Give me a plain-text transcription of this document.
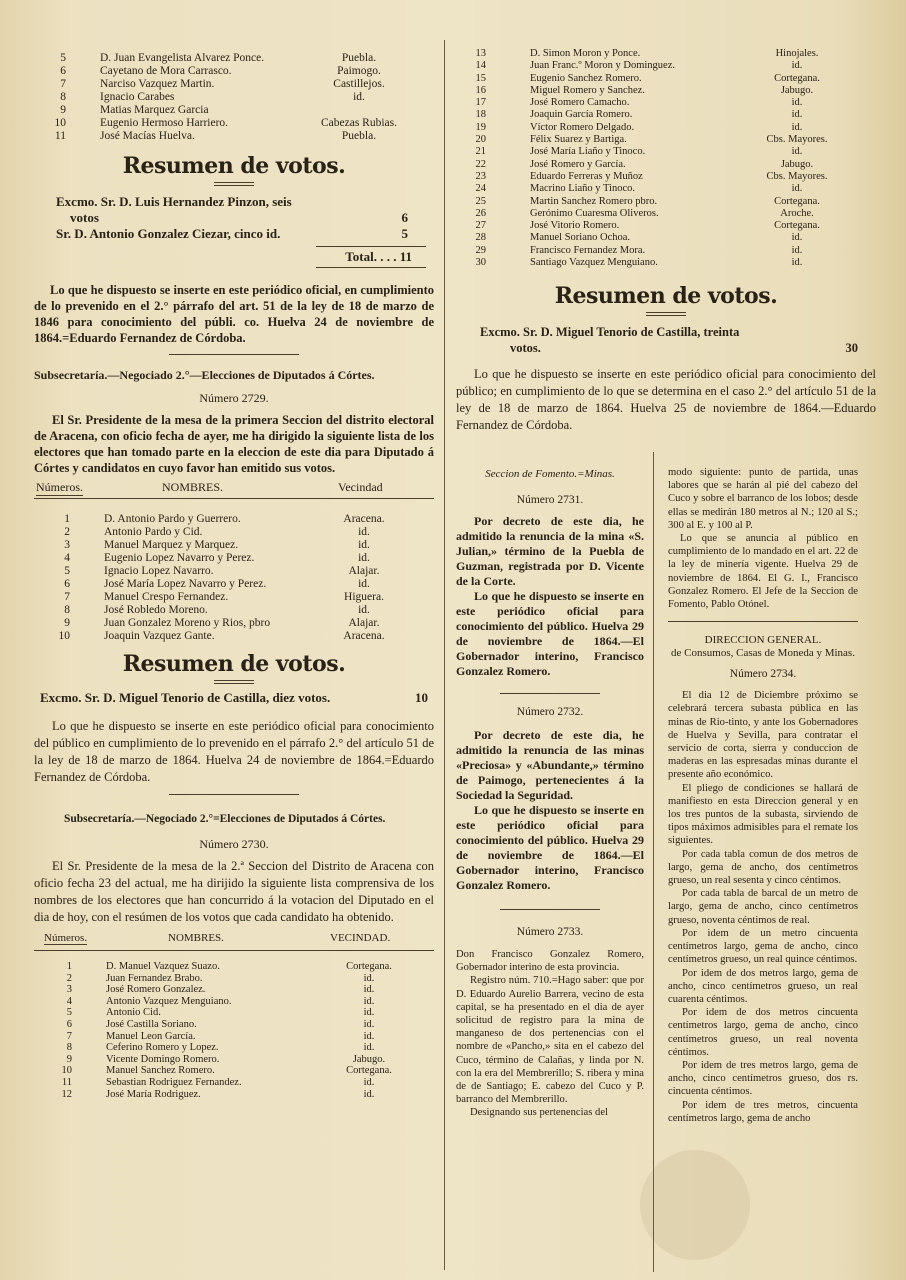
5	D. Juan Evangelista Alvarez Ponce.	Puebla.
6	Cayetano de Mora Carrasco.	Paimogo.
7	Narciso Vazquez Martin.	Castillejos.
8	Ignacio Carabes	id.
9	Matias Marquez Garcia
10	Eugenio Hermoso Harriero.	Cabezas Rubias.
11	José Macías Huelva.	Puebla.
Resumen de votos.
Excmo. Sr. D. Luis Hernandez Pinzon, seis
votos	6
Sr. D. Antonio Gonzalez Ciezar, cinco id.	5
Total. . . . 11
Lo que he dispuesto se inserte en este periódico oficial, en cumplimiento de lo prevenido en el 2.° párrafo del art. 51 de la ley de 18 de marzo de 1846 para conocimiento del públi. co. Huelva 24 de noviembre de 1864.=Eduardo Fernandez de Córdoba.
Subsecretaría.—Negociado 2.°—Elecciones de Diputados á Córtes.
Número 2729.
El Sr. Presidente de la mesa de la primera Seccion del distrito electoral de Aracena, con oficio fecha de ayer, me ha dirigido la siguiente lista de los electores que han tomado parte en la eleccion de este dia para Diputado á Córtes y candidatos en cuyo favor han emitido sus votos.
Números.	NOMBRES.	Vecindad
1	D. Antonio Pardo y Guerrero.	Aracena.
2	Antonio Pardo y Cid.	id.
3	Manuel Marquez y Marquez.	id.
4	Eugenio Lopez Navarro y Perez.	id.
5	Ignacio Lopez Navarro.	Alajar.
6	José María Lopez Navarro y Perez.	id.
7	Manuel Crespo Fernandez.	Higuera.
8	José Robledo Moreno.	id.
9	Juan Gonzalez Moreno y Rios, pbro	Alajar.
10	Joaquin Vazquez Gante.	Aracena.
Resumen de votos.
Excmo. Sr. D. Miguel Tenorio de Castilla, diez votos.	10
Lo que he dispuesto se inserte en este periódico oficial para conocimiento del público en cumplimiento de lo prevenido en el párrafo 2.° del artículo 51 de la ley de 18 de marzo de 1864. Huelva 24 de noviembre de 1864.=Eduardo Fernandez de Córdoba.
Subsecretaría.—Negociado 2.°=Elecciones de Diputados á Córtes.
Número 2730.
El Sr. Presidente de la mesa de la 2.ª Seccion del Distrito de Aracena con oficio fecha 23 del actual, me ha dirijido la siguiente lista comprensiva de los nombres de los electores que han concurrido á la votacion del Diputado en el dia de hoy, con el resúmen de los votos que cada candidato ha obtenido.
Números.	NOMBRES.	VECINDAD.
1	D. Manuel Vazquez Suazo.	Cortegana.
2	Juan Fernandez Brabo.	id.
3	José Romero Gonzalez.	id.
4	Antonio Vazquez Menguiano.	id.
5	Antonio Cid.	id.
6	José Castilla Soriano.	id.
7	Manuel Leon García.	id.
8	Ceferino Romero y Lopez.	id.
9	Vicente Domingo Romero.	Jabugo.
10	Manuel Sanchez Romero.	Cortegana.
11	Sebastian Rodriguez Fernandez.	id.
12	José María Rodriguez.	id.
13	D. Simon Moron y Ponce.	Hinojales.
14	Juan Franc.º Moron y Dominguez.	id.
15	Eugenio Sanchez Romero.	Cortegana.
16	Miguel Romero y Sanchez.	Jabugo.
17	José Romero Camacho.	id.
18	Joaquin García Romero.	id.
19	Víctor Romero Delgado.	id.
20	Félix Suarez y Bartiga.	Cbs. Mayores.
21	José María Liaño y Tinoco.	id.
22	José Romero y García.	Jabugo.
23	Eduardo Ferreras y Muñoz	Cbs. Mayores.
24	Macrino Liaño y Tinoco.	id.
25	Martin Sanchez Romero pbro.	Cortegana.
26	Gerónimo Cuaresma Oliveros.	Aroche.
27	José Vitorio Romero.	Cortegana.
28	Manuel Soriano Ochoa.	id.
29	Francisco Fernandez Mora.	id.
30	Santiago Vazquez Menguiano.	id.
Resumen de votos.
Excmo. Sr. D. Miguel Tenorio de Castilla, treinta
votos.	30
Lo que he dispuesto se inserte en este periódico oficial para conocimiento del público; en cumplimiento de lo que se determina en el caso 2.° del artículo 51 de la ley de 18 de marzo de 1864. Huelva 25 de noviembre de 1864.—Eduardo Fernandez de Córdoba.
Seccion de Fomento.=Minas.
Número 2731.
Por decreto de este dia, he admitido la renuncia de la mina «S. Julian,» término de la Puebla de Guzman, registrada por D. Vicente de la Corte.
Lo que he dispuesto se inserte en este periódico oficial para conocimiento del público. Huelva 29 de noviembre de 1864.—El Gobernador interino, Francisco Gonzalez Romero.
Número 2732.
Por decreto de este dia, he admitido la renuncia de las minas «Preciosa» y «Abundante,» término de Paimogo, pertenecientes á la Sociedad la Seguridad.
Lo que he dispuesto se inserte en este periódico oficial para conocimiento del público. Huelva 29 de noviembre de 1864.—El Gobernador interino, Francisco Gonzalez Romero.
Número 2733.
Don Francisco Gonzalez Romero, Gobernador interino de esta provincia.
Registro núm. 710.=Hago saber: que por D. Eduardo Aurelio Barrera, vecino de esta capital, se ha presentado en el dia de ayer solicitud de registro para la mina de manganeso de dos pertenencias con el nombre de «Pancho,» sita en el cabezo del Cuco, término de Calañas, y linda por N. con la era del Membrerillo; S. ribera y mina de de Santiago; E. cabezo del Cuco y P. barranco del Membrerillo.
Designando sus pertenencias del
modo siguiente: punto de partida, unas labores que se harán al pié del cabezo del Cuco y sobre el barranco de los lobos; desde ellas se medirán 180 metros al N.; 120 al S.; 300 al E. y 100 al P.
Lo que se anuncia al público en cumplimiento de lo mandado en el art. 22 de la ley de minería vigente. Huelva 29 de noviembre de 1864. El G. I., Francisco Gonzalez Romero. El Jefe de la Seccion de Fomento, Pablo Otónel.
DIRECCION GENERAL.
de Consumos, Casas de Moneda y Minas.
Número 2734.
El dia 12 de Diciembre próximo se celebrará tercera subasta pública en las minas de Rio-tinto, y ante los Gobernadores de Huelva y Sevilla, para contratar el servicio de corta, sierra y conduccion de maderas en las espresadas minas durante el presente año económico.
El pliego de condiciones se hallará de manifiesto en esta Direccion general y en los tres puntos de la subasta, sirviendo de tipos máximos admisibles para el remate los siguientes.
Por cada tabla comun de dos metros de largo, gema de ancho, dos centímetros grueso, un real sesenta y cinco céntimos.
Por cada tabla de barcal de un metro de largo, gema de ancho, cinco centímetros grueso, noventa céntimos de real.
Por idem de un metro cincuenta centímetros largo, gema de ancho, cinco centímetros grueso, un real quince céntimos.
Por idem de dos metros largo, gema de ancho, cinco centímetros grueso, un real cuarenta céntimos.
Por idem de dos metros cincuenta centímetros largo, gema de ancho, cinco centímetros grueso, un real noventa céntimos.
Por idem de tres metros largo, gema de ancho, cinco centímetros grueso, dos rs. cincuenta céntimos.
Por idem de tres metros, cincuenta centímetros largo, gema de ancho
